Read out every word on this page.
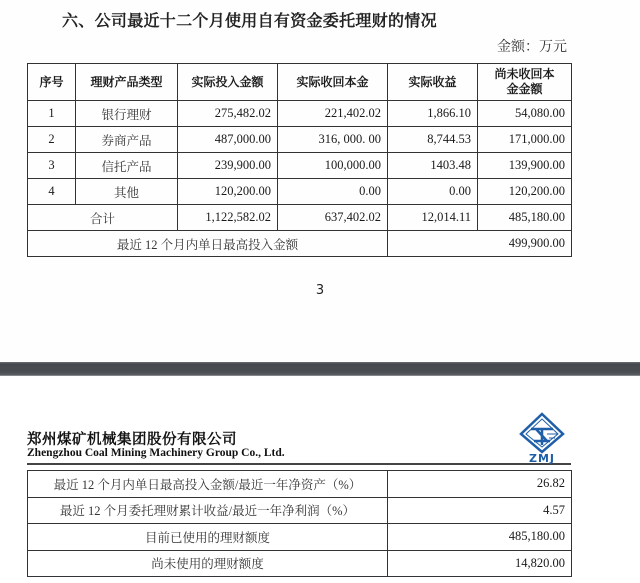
六、公司最近十二个月使用自有资金委托理财的情况
金额：万元
序号	理财产品类型	实际投入金额	实际收回本金	实际收益	尚未收回本
金金额

1	银行理财	275,482.02	221,402.02	1,866.10	54,080.00
2	券商产品	487,000.00	316, 000. 00	8,744.53	171,000.00
3	信托产品	239,900.00	100,000.00	1403.48	139,900.00
4	其他	120,200.00	0.00	0.00	120,200.00
合计		1,122,582.02	637,402.02	12,014.11	485,180.00
最近 12 个月内单日最高投入金额				499,900.00	
3
郑州煤矿机械集团股份有限公司
Zhengzhou Coal Mining Machinery Group Co., Ltd.	ZMJ
最近 12 个月内单日最高投入金额/最近一年净资产（%）	26.82
最近 12 个月委托理财累计收益/最近一年净利润（%）	4.57
目前已使用的理财额度	485,180.00
尚未使用的理财额度	14,820.00
